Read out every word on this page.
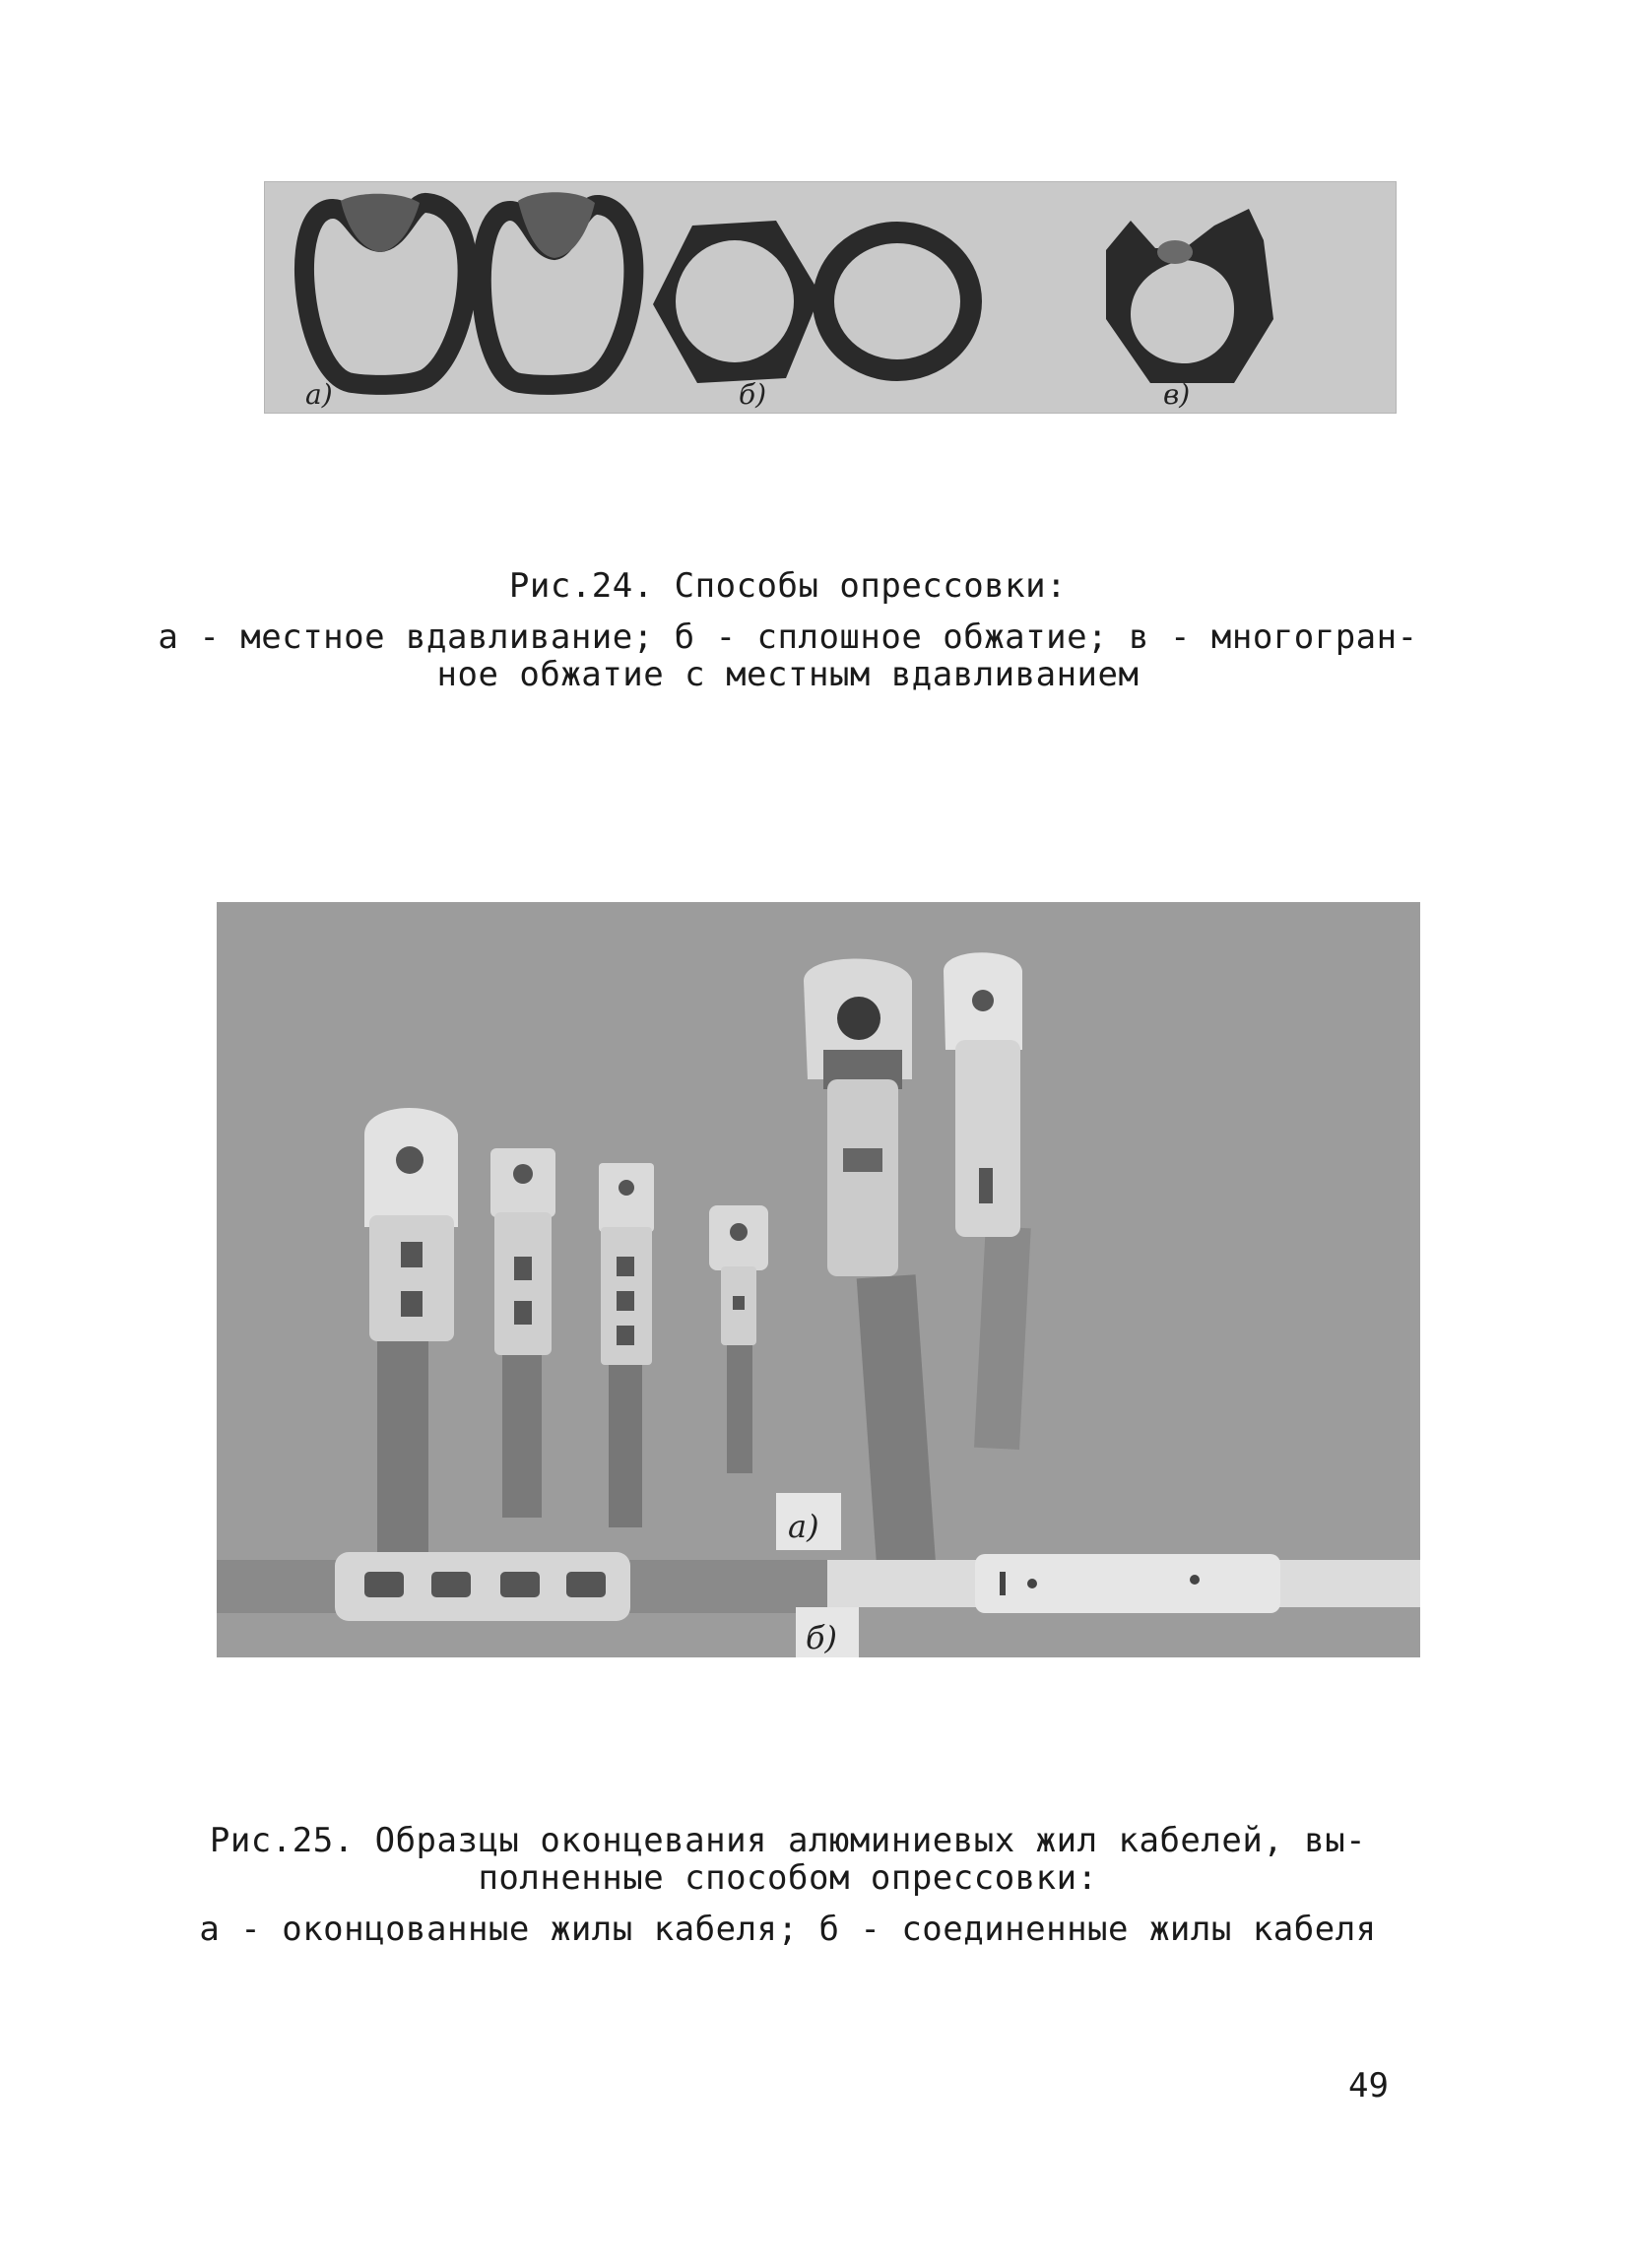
а)	б)	в)
Рис.24. Способы опрессовки:
а - местное вдавливание; б - сплошное обжатие; в - многогран-
ное обжатие с местным вдавливанием
а)
б)
Рис.25. Образцы оконцевания алюминиевых жил кабелей, вы-
полненные способом опрессовки:
а - оконцованные жилы кабеля; б - соединенные жилы кабеля
49
